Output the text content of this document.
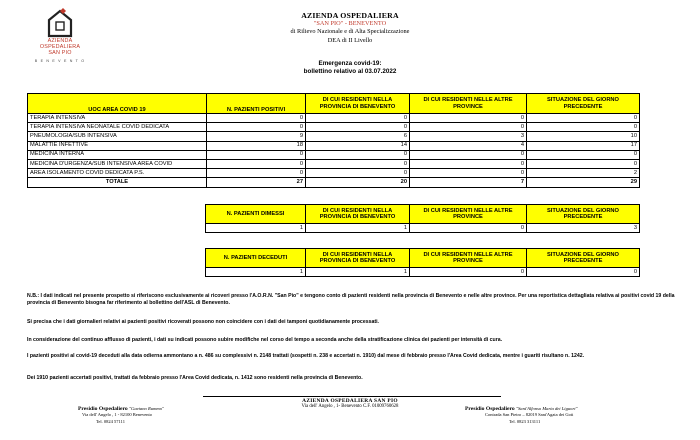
AZIENDA
OSPEDALIERA
SAN PIO
B E N E V E N T O
AZIENDA OSPEDALIERA
"SAN PIO" - BENEVENTO
di Rilievo Nazionale e di Alta Specializzazione
DEA di II Livello
Emergenza covid-19:
bollettino relativo al 03.07.2022
UOC AREA COVID 19	N. PAZIENTI POSITIVI	DI CUI RESIDENTI NELLA PROVINCIA DI BENEVENTO	DI CUI RESIDENTI NELLE ALTRE PROVINCE	SITUAZIONE DEL GIORNO PRECEDENTE
TERAPIA INTENSIVA	0	0	0	0
TERAPIA INTENSIVA NEONATALE COVID DEDICATA	0	0	0	0
PNEUMOLOGIA/SUB INTENSIVA	9	6	3	10
MALATTIE INFETTIVE	18	14	4	17
MEDICINA INTERNA	0	0	0	0
MEDICINA D'URGENZA/SUB INTENSIVA AREA COVID	0	0	0	0
AREA ISOLAMENTO COVID DEDICATA P.S.	0	0	0	2
TOTALE	27	20	7	29
N. PAZIENTI DIMESSI	DI CUI RESIDENTI NELLA PROVINCIA DI BENEVENTO	DI CUI RESIDENTI NELLE ALTRE PROVINCE	SITUAZIONE DEL GIORNO PRECEDENTE
1	1	0	3
N. PAZIENTI DECEDUTI	DI CUI RESIDENTI NELLA PROVINCIA DI BENEVENTO	DI CUI RESIDENTI NELLE ALTRE PROVINCE	SITUAZIONE DEL GIORNO PRECEDENTE
1	1	0	0
N.B.: I dati indicati nel presente prospetto si riferiscono esclusivamente ai ricoveri presso l'A.O.R.N. "San Pio" e tengono conto di pazienti residenti nella provincia di Benevento e nelle altre province. Per una reportistica dettagliata relativa ai positivi covid 19 della provincia di Benevento bisogna far riferimento al bollettino dell'ASL di Benevento.
Si precisa che i dati giornalieri relativi ai pazienti positivi ricoverati possono non coincidere con i dati dei tamponi quotidianamente processati.
In considerazione del continuo afflusso di pazienti, i dati su indicati possono subire modifiche nel corso del tempo a seconda anche della stratificazione clinica dei pazienti per intensità di cura.
I pazienti positivi al covid-19 deceduti alla data odierna ammontano a n. 486 su complessivi n. 2148 trattati (sospetti n. 238 e accertati n. 1910) dal mese di febbraio presso l'Area Covid dedicata, mentre i guariti risultano n. 1242.
Dei 1910 pazienti accertati positivi, trattati da febbraio presso l'Area Covid dedicata, n. 1412 sono residenti nella provincia di Benevento.
AZIENDA OSPEDALIERA SAN PIO
Via dell' Angelo , 1- Benevento C.F. 01009760628
Presidio Ospedaliero "Gaetano Rummo"
Via dell' Angelo , 1 - 82100 Benevento
Tel. 0824 57111
Presidio Ospedaliero "Sant'Alfonso Maria dei Liguori"
Contrada San Pietro – 82019 Sant'Agata dei Goti
Tel. 0823 313111
